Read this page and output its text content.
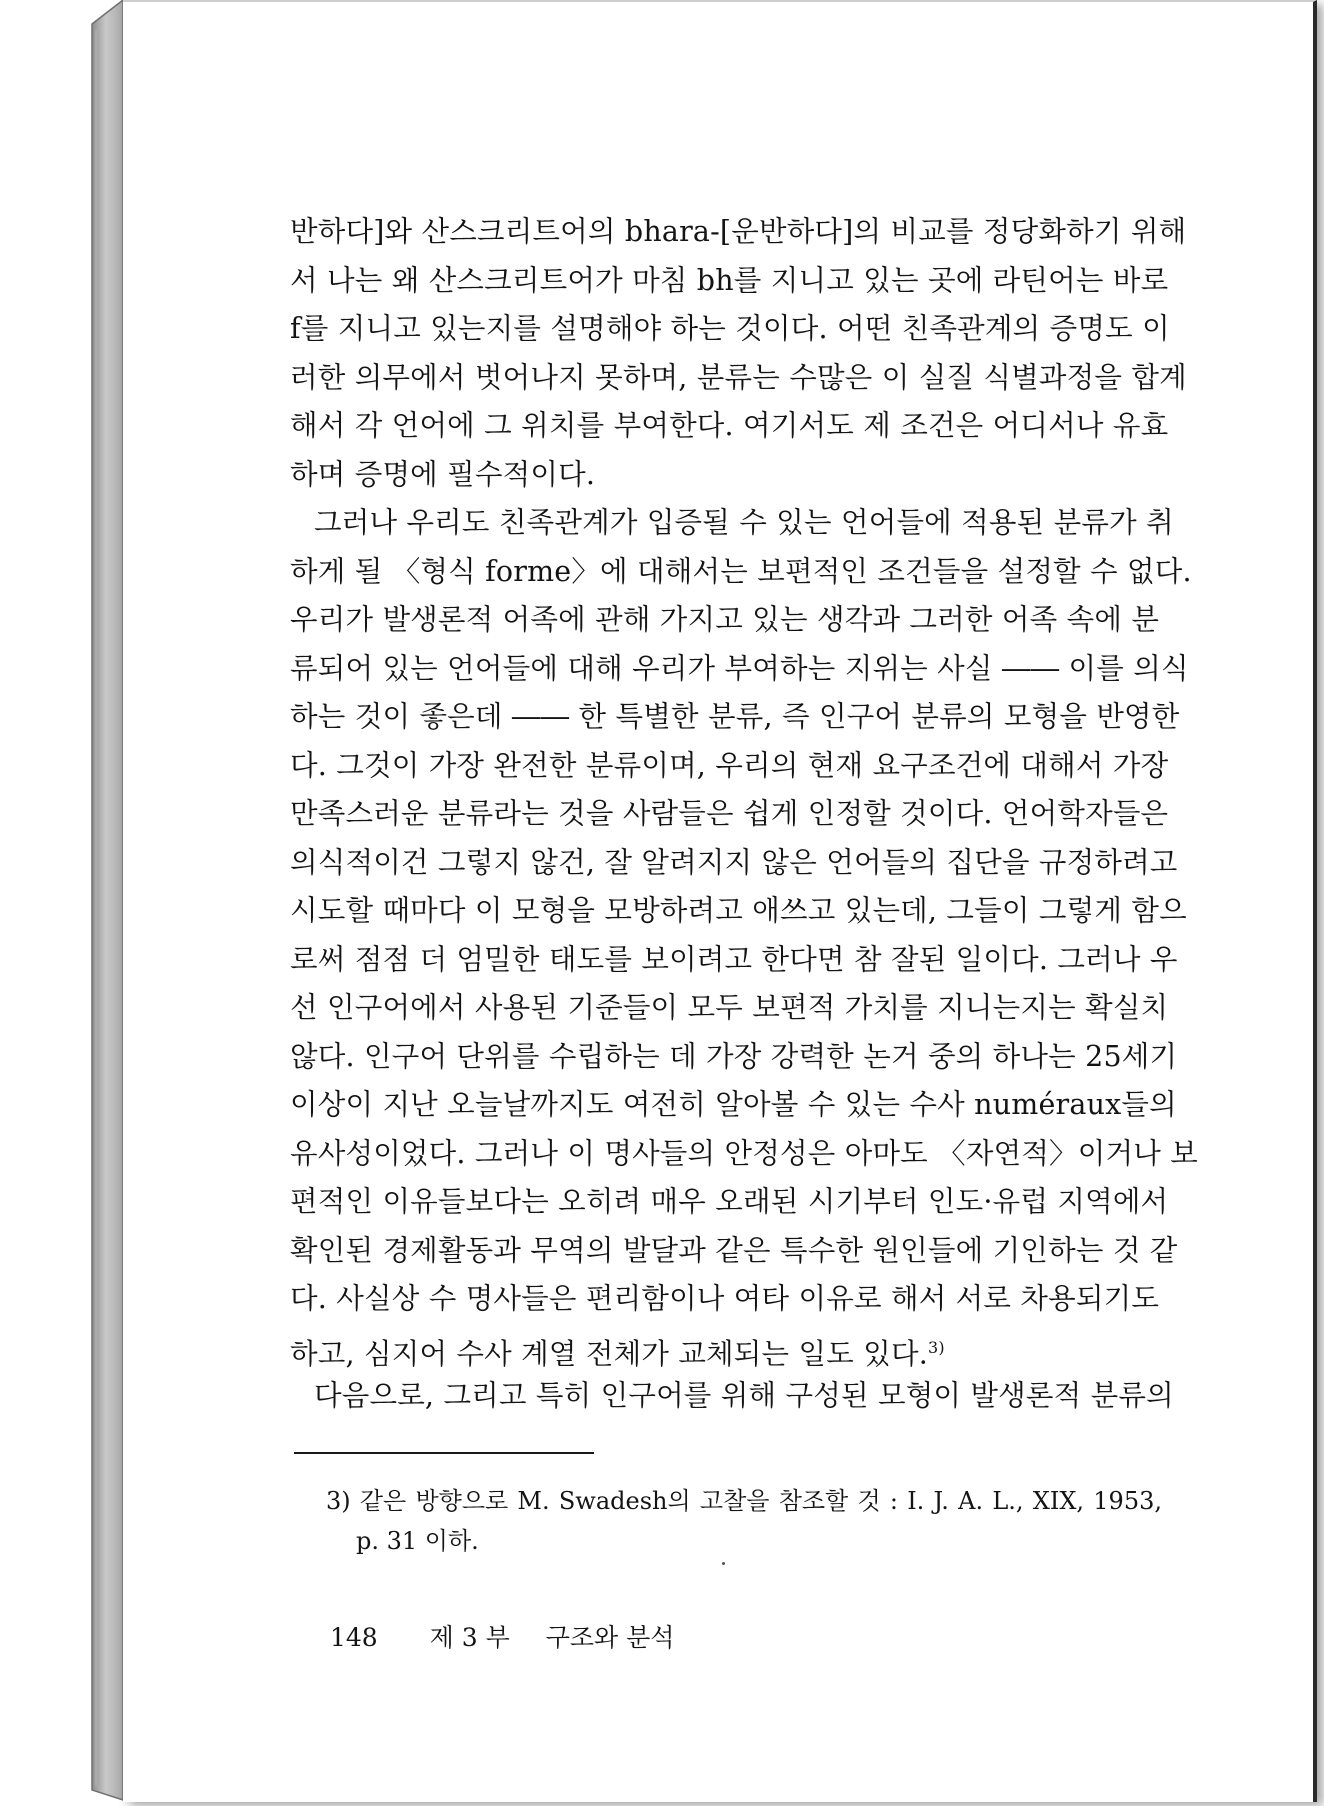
반하다]와 산스크리트어의 bhara-[운반하다]의 비교를 정당화하기 위해
서 나는 왜 산스크리트어가 마침 bh를 지니고 있는 곳에 라틴어는 바로
f를 지니고 있는지를 설명해야 하는 것이다. 어떤 친족관계의 증명도 이
러한 의무에서 벗어나지 못하며, 분류는 수많은 이 실질 식별과정을 합계
해서 각 언어에 그 위치를 부여한다. 여기서도 제 조건은 어디서나 유효
하며 증명에 필수적이다.
그러나 우리도 친족관계가 입증될 수 있는 언어들에 적용된 분류가 취
하게 될 〈형식 forme〉에 대해서는 보편적인 조건들을 설정할 수 없다.
우리가 발생론적 어족에 관해 가지고 있는 생각과 그러한 어족 속에 분
류되어 있는 언어들에 대해 우리가 부여하는 지위는 사실 ―― 이를 의식
하는 것이 좋은데 ―― 한 특별한 분류, 즉 인구어 분류의 모형을 반영한
다. 그것이 가장 완전한 분류이며, 우리의 현재 요구조건에 대해서 가장
만족스러운 분류라는 것을 사람들은 쉽게 인정할 것이다. 언어학자들은
의식적이건 그렇지 않건, 잘 알려지지 않은 언어들의 집단을 규정하려고
시도할 때마다 이 모형을 모방하려고 애쓰고 있는데, 그들이 그렇게 함으
로써 점점 더 엄밀한 태도를 보이려고 한다면 참 잘된 일이다. 그러나 우
선 인구어에서 사용된 기준들이 모두 보편적 가치를 지니는지는 확실치
않다. 인구어 단위를 수립하는 데 가장 강력한 논거 중의 하나는 25세기
이상이 지난 오늘날까지도 여전히 알아볼 수 있는 수사 numéraux들의
유사성이었다. 그러나 이 명사들의 안정성은 아마도 〈자연적〉이거나 보
편적인 이유들보다는 오히려 매우 오래된 시기부터 인도·유럽 지역에서
확인된 경제활동과 무역의 발달과 같은 특수한 원인들에 기인하는 것 같
다. 사실상 수 명사들은 편리함이나 여타 이유로 해서 서로 차용되기도
하고, 심지어 수사 계열 전체가 교체되는 일도 있다.$^{3)}$
다음으로, 그리고 특히 인구어를 위해 구성된 모형이 발생론적 분류의
3) 같은 방향으로 M. Swadesh의 고찰을 참조할 것 : I. J. A. L., XIX, 1953,
p. 31 이하.
148 제 3 부 구조와 분석
